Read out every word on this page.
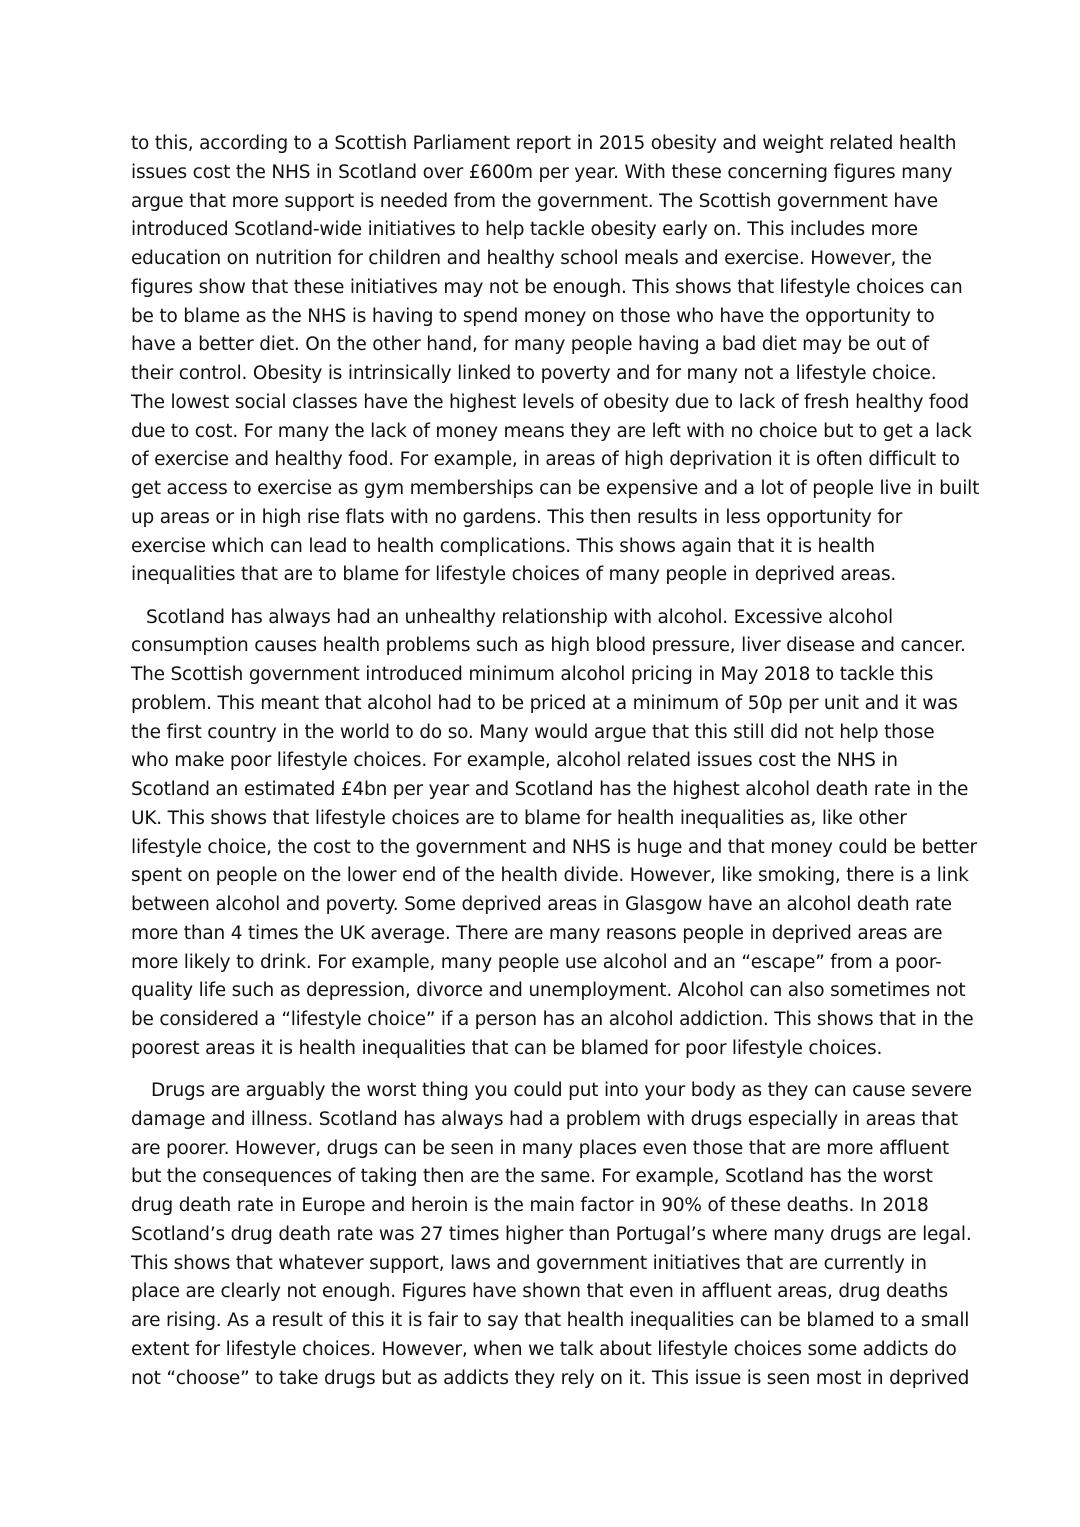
to this, according to a Scottish Parliament report in 2015 obesity and weight related health
issues cost the NHS in Scotland over £600m per year. With these concerning figures many
argue that more support is needed from the government. The Scottish government have
introduced Scotland-wide initiatives to help tackle obesity early on. This includes more
education on nutrition for children and healthy school meals and exercise. However, the
figures show that these initiatives may not be enough. This shows that lifestyle choices can
be to blame as the NHS is having to spend money on those who have the opportunity to
have a better diet. On the other hand, for many people having a bad diet may be out of
their control. Obesity is intrinsically linked to poverty and for many not a lifestyle choice.
The lowest social classes have the highest levels of obesity due to lack of fresh healthy food
due to cost. For many the lack of money means they are left with no choice but to get a lack
of exercise and healthy food. For example, in areas of high deprivation it is often difficult to
get access to exercise as gym memberships can be expensive and a lot of people live in built
up areas or in high rise flats with no gardens. This then results in less opportunity for
exercise which can lead to health complications. This shows again that it is health
inequalities that are to blame for lifestyle choices of many people in deprived areas.
Scotland has always had an unhealthy relationship with alcohol. Excessive alcohol
consumption causes health problems such as high blood pressure, liver disease and cancer.
The Scottish government introduced minimum alcohol pricing in May 2018 to tackle this
problem. This meant that alcohol had to be priced at a minimum of 50p per unit and it was
the first country in the world to do so. Many would argue that this still did not help those
who make poor lifestyle choices. For example, alcohol related issues cost the NHS in
Scotland an estimated £4bn per year and Scotland has the highest alcohol death rate in the
UK. This shows that lifestyle choices are to blame for health inequalities as, like other
lifestyle choice, the cost to the government and NHS is huge and that money could be better
spent on people on the lower end of the health divide. However, like smoking, there is a link
between alcohol and poverty. Some deprived areas in Glasgow have an alcohol death rate
more than 4 times the UK average. There are many reasons people in deprived areas are
more likely to drink. For example, many people use alcohol and an “escape” from a poor-
quality life such as depression, divorce and unemployment. Alcohol can also sometimes not
be considered a “lifestyle choice” if a person has an alcohol addiction. This shows that in the
poorest areas it is health inequalities that can be blamed for poor lifestyle choices.
Drugs are arguably the worst thing you could put into your body as they can cause severe
damage and illness. Scotland has always had a problem with drugs especially in areas that
are poorer. However, drugs can be seen in many places even those that are more affluent
but the consequences of taking then are the same. For example, Scotland has the worst
drug death rate in Europe and heroin is the main factor in 90% of these deaths. In 2018
Scotland’s drug death rate was 27 times higher than Portugal’s where many drugs are legal.
This shows that whatever support, laws and government initiatives that are currently in
place are clearly not enough. Figures have shown that even in affluent areas, drug deaths
are rising. As a result of this it is fair to say that health inequalities can be blamed to a small
extent for lifestyle choices. However, when we talk about lifestyle choices some addicts do
not “choose” to take drugs but as addicts they rely on it. This issue is seen most in deprived
